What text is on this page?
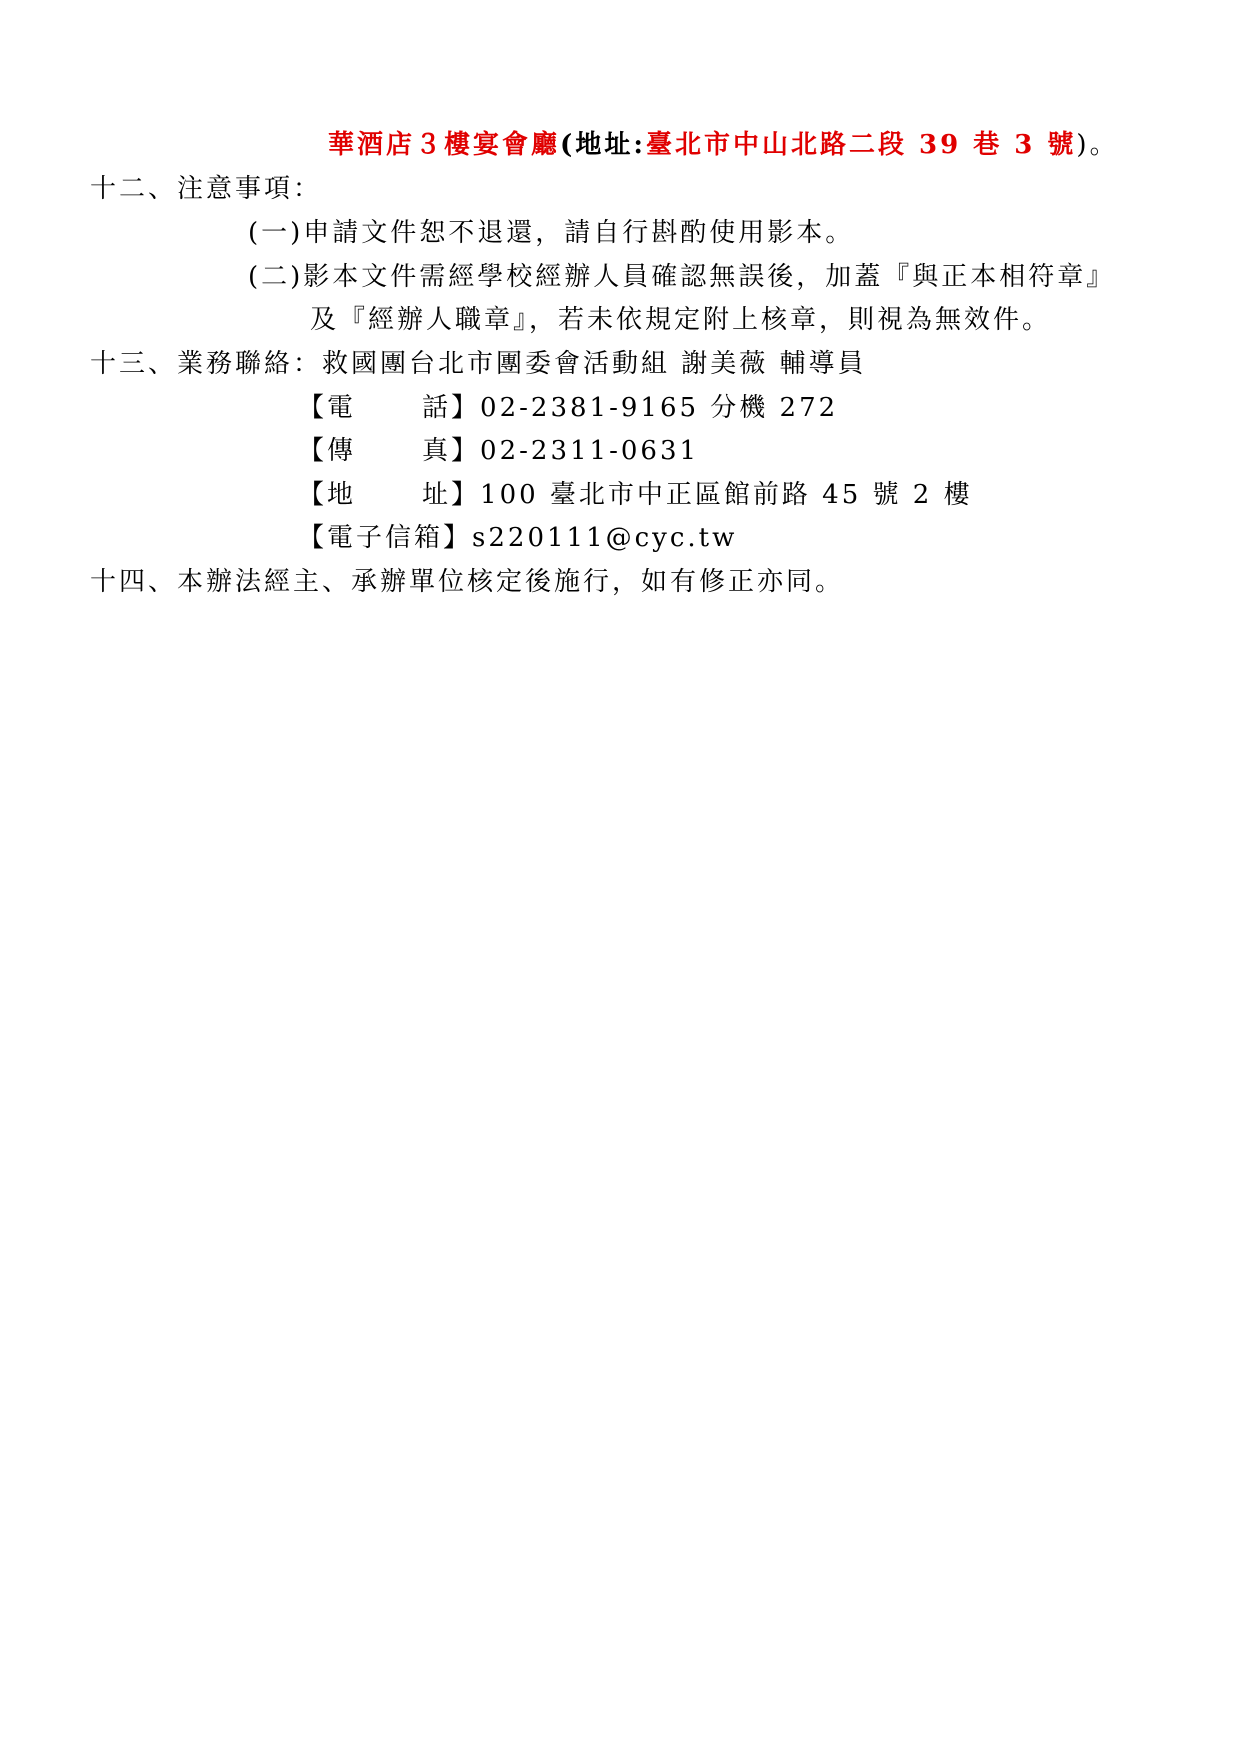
華酒店３樓宴會廳(地址:臺北市中山北路二段 39 巷 3 號)。
十二、注意事項：
(一)申請文件恕不退還，請自行斟酌使用影本。
(二)影本文件需經學校經辦人員確認無誤後，加蓋『與正本相符章』
及『經辦人職章』，若未依規定附上核章，則視為無效件。
十三、業務聯絡：救國團台北市團委會活動組 謝美薇 輔導員
【電	話】02-2381-9165 分機 272
【傳	真】02-2311-0631
【地	址】100 臺北市中正區館前路 45 號 2 樓
【電子信箱】s220111@cyc.tw
十四、本辦法經主、承辦單位核定後施行，如有修正亦同。
